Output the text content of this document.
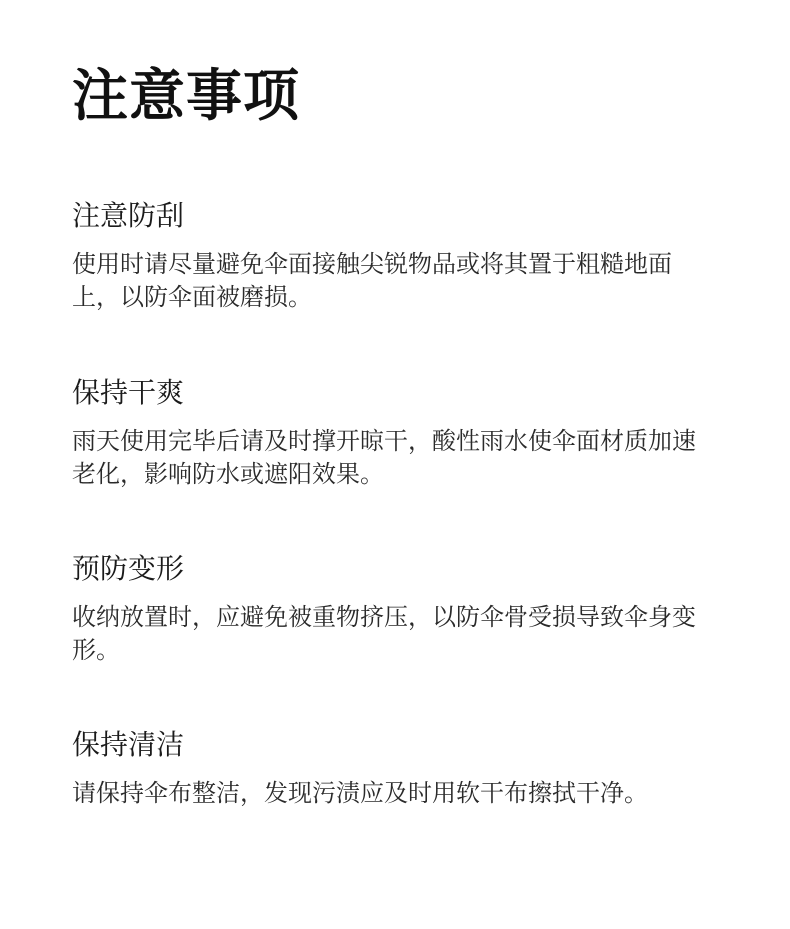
注意事项
注意防刮

使用时请尽量避免伞面接触尖锐物品或将其置于粗糙地面上，以防伞面被磨损。

保持干爽

雨天使用完毕后请及时撑开晾干，酸性雨水使伞面材质加速老化，影响防水或遮阳效果。

预防变形

收纳放置时，应避免被重物挤压，以防伞骨受损导致伞身变形。

保持清洁

请保持伞布整洁，发现污渍应及时用软干布擦拭干净。
